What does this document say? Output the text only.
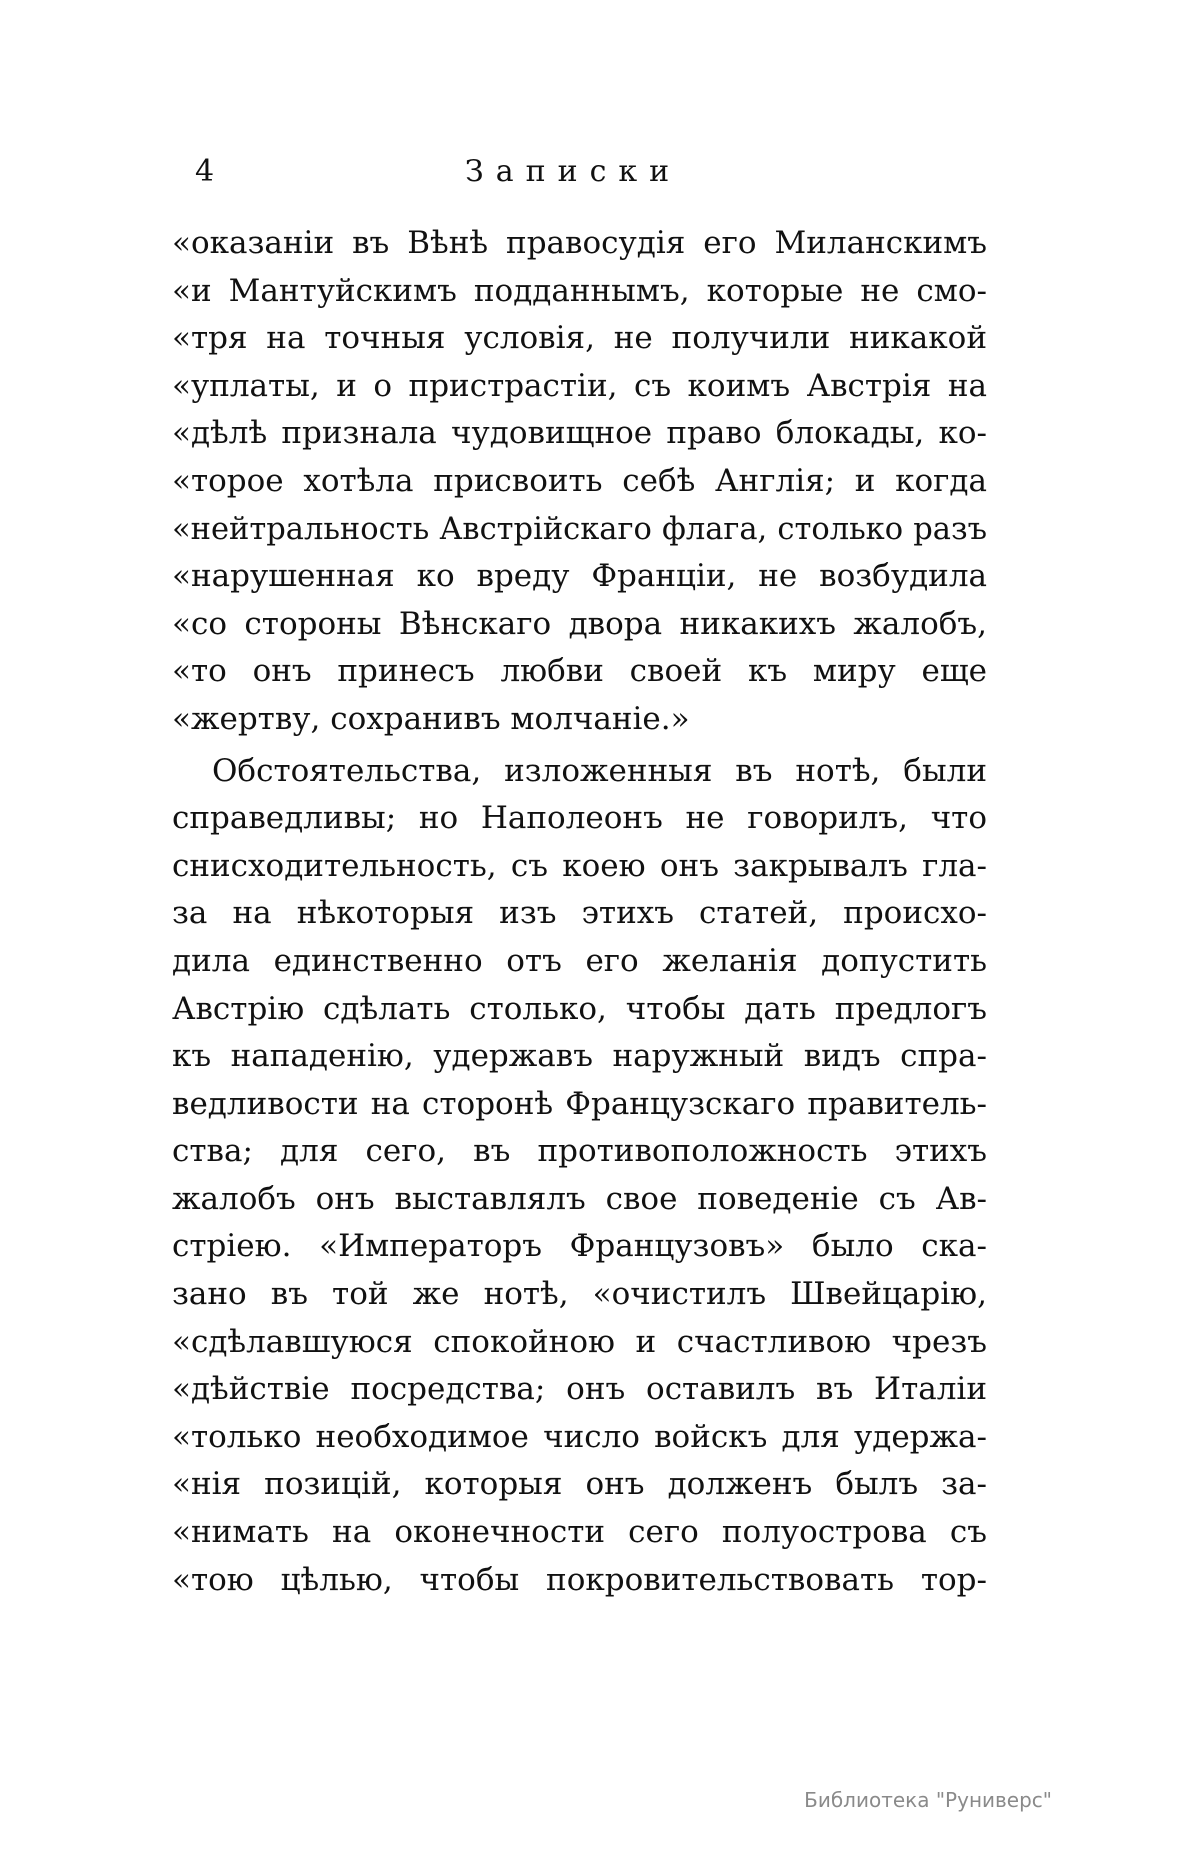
4	Записки
«оказаніи въ Вѣнѣ правосудія его Миланскимъ
«и Мантуйскимъ подданнымъ, которые не смо-
«тря на точныя условія, не получили никакой
«уплаты, и о пристрастіи, съ коимъ Австрія на
«дѣлѣ признала чудовищное право блокады, ко-
«торое хотѣла присвоить себѣ Англія; и когда
«нейтральность Австрійскаго флага, столько разъ
«нарушенная ко вреду Франціи, не возбудила
«со стороны Вѣнскаго двора никакихъ жалобъ,
«то онъ принесъ любви своей къ миру еще
«жертву, сохранивъ молчаніе.»
Обстоятельства, изложенныя въ нотѣ, были
справедливы; но Наполеонъ не говорилъ, что
снисходительность, съ коею онъ закрывалъ гла-
за на нѣкоторыя изъ этихъ статей, происхо-
дила единственно отъ его желанія допустить
Австрію сдѣлать столько, чтобы дать предлогъ
къ нападенію, удержавъ наружный видъ спра-
ведливости на сторонѣ Французскаго правитель-
ства; для сего, въ противоположность этихъ
жалобъ онъ выставлялъ свое поведеніе съ Ав-
стріею. «Императоръ Французовъ» было ска-
зано въ той же нотѣ, «очистилъ Швейцарію,
«сдѣлавшуюся спокойною и счастливою чрезъ
«дѣйствіе посредства; онъ оставилъ въ Италіи
«только необходимое число войскъ для удержа-
«нія позицій, которыя онъ долженъ былъ за-
«нимать на оконечности сего полуострова съ
«тою цѣлью, чтобы покровительствовать тор-
Библиотека "Руниверс"
